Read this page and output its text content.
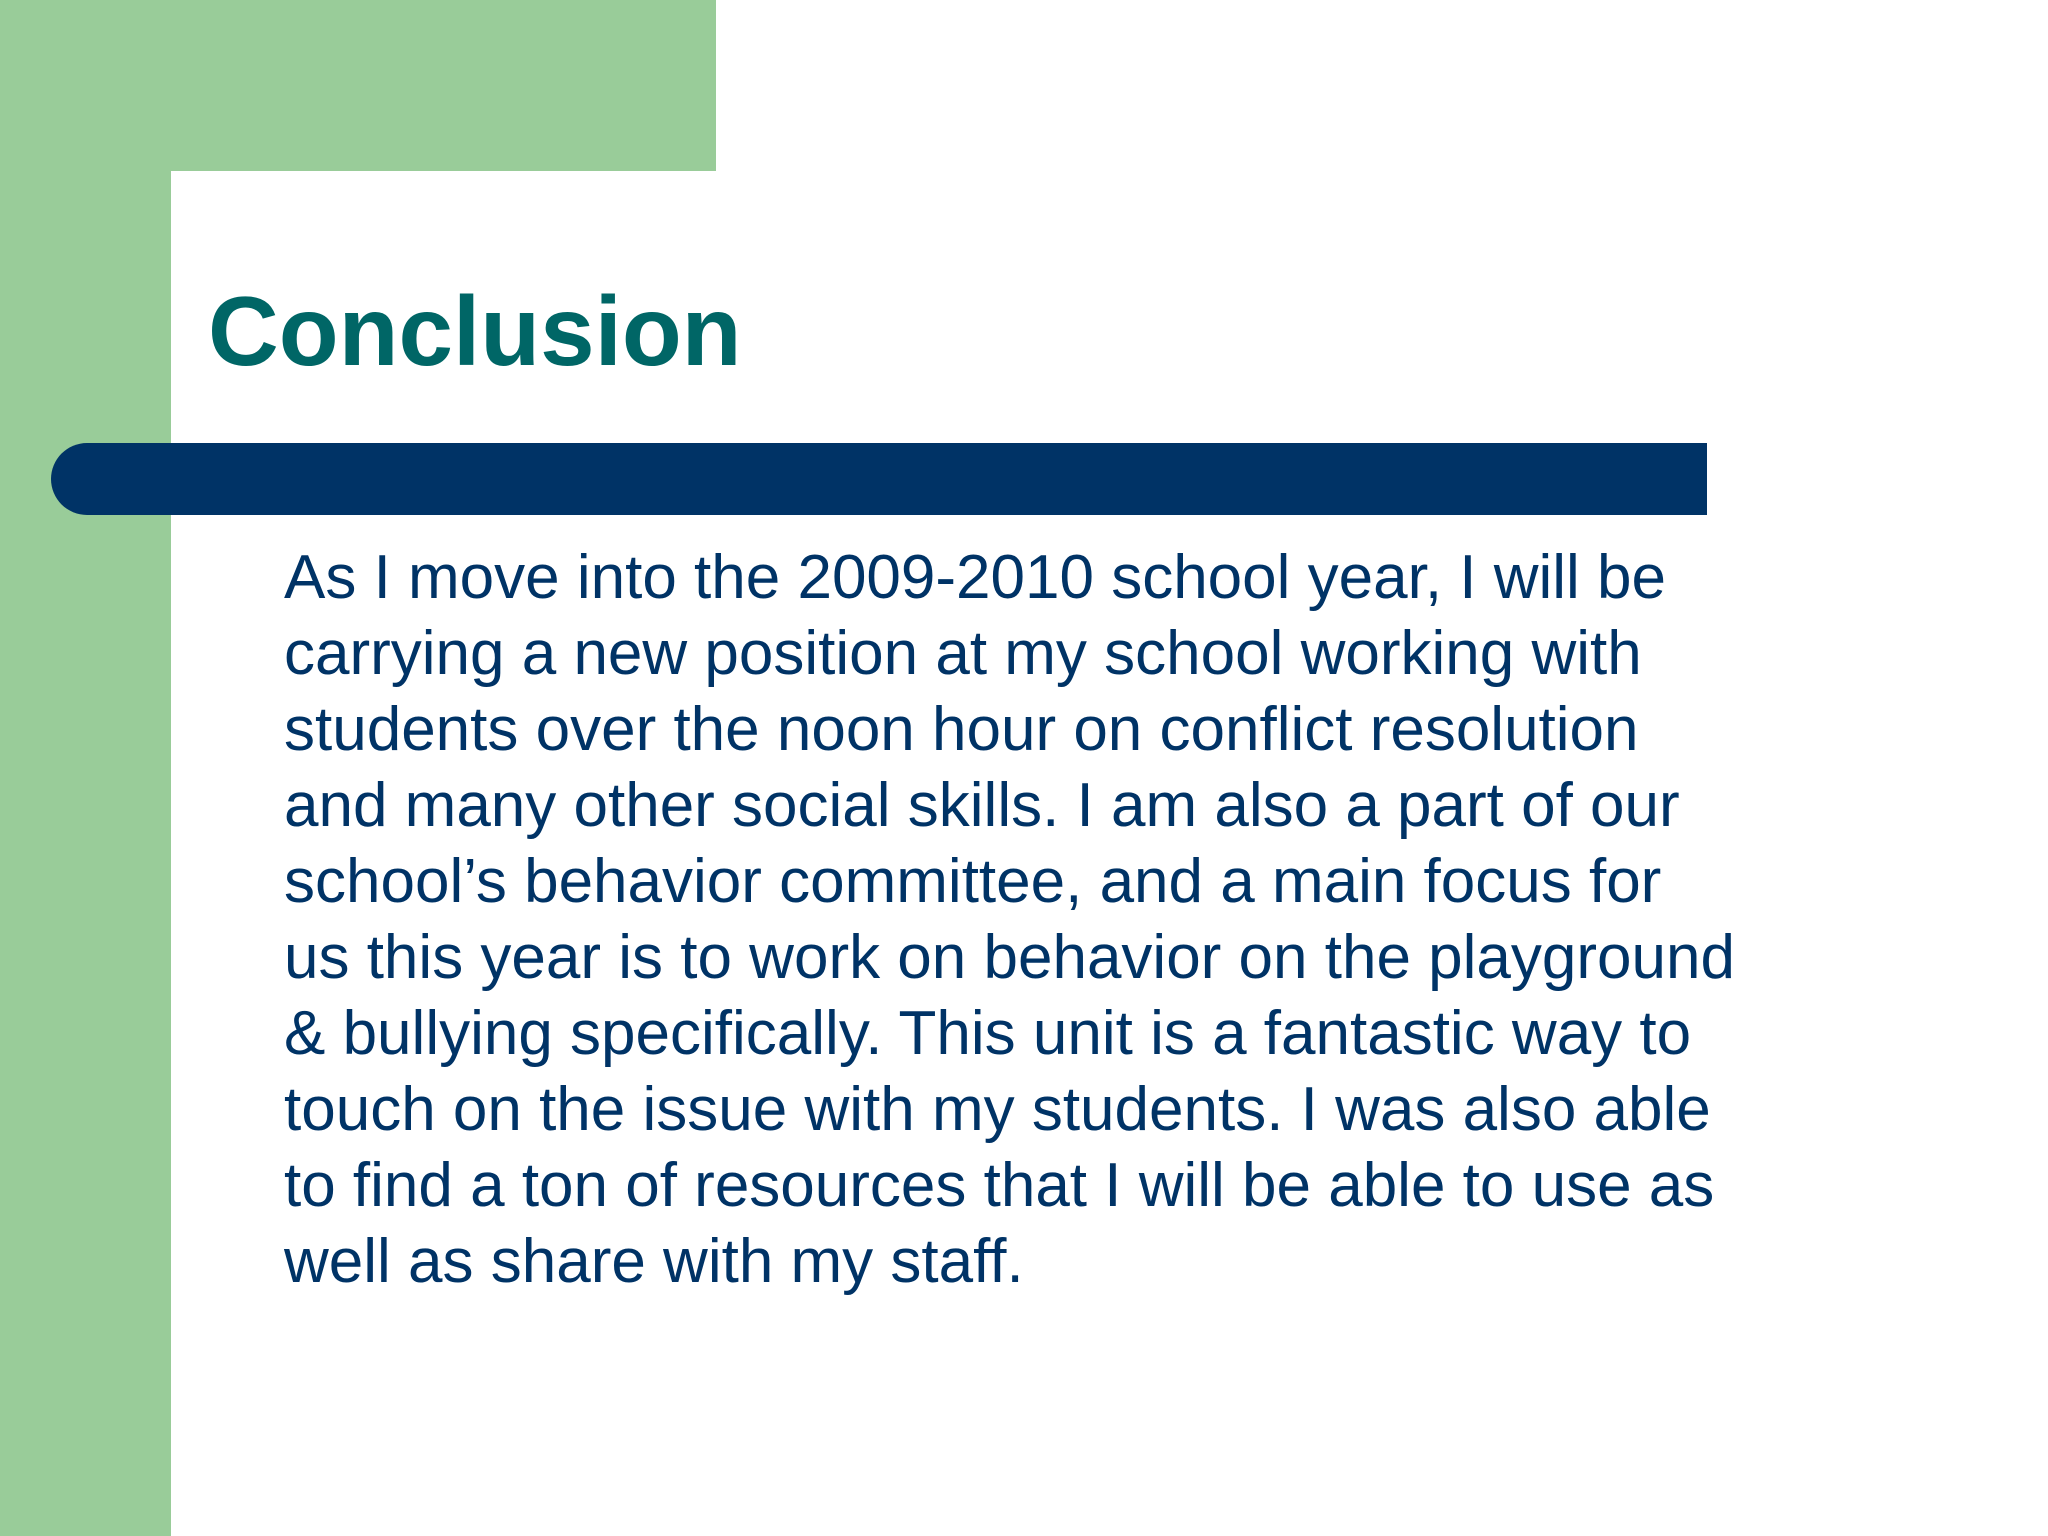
Conclusion

As I move into the 2009-2010 school year, I will be
carrying a new position at my school working with
students over the noon hour on conflict resolution
and many other social skills. I am also a part of our
school’s behavior committee, and a main focus for
us this year is to work on behavior on the playground
& bullying specifically. This unit is a fantastic way to
touch on the issue with my students. I was also able
to find a ton of resources that I will be able to use as
well as share with my staff.
